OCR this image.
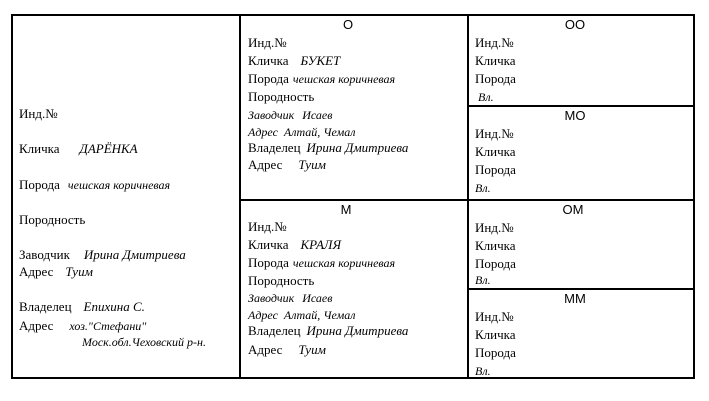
Инд.№
Кличка ДАРЁНКА
Порода чешская коричневая
Породность
Заводчик Ирина Дмитриева
Адрес Туим
Владелец Епихина С.
Адрес хоз."Стефани"
Моск.обл.Чеховский р-н.
О
Инд.№
Кличка БУКЕТ
Порода чешская коричневая
Породность
Заводчик Исаев
Адрес Алтай, Чемал
Владелец Ирина Дмитриева
Адрес Туим
М
Инд.№
Кличка КРАЛЯ
Порода чешская коричневая
Породность
Заводчик Исаев
Адрес Алтай, Чемал
Владелец Ирина Дмитриева
Адрес Туим
ОО
Инд.№
Кличка
Порода
Вл.
МО
Инд.№
Кличка
Порода
Вл.
ОМ
Инд.№
Кличка
Порода
Вл.
ММ
Инд.№
Кличка
Порода
Вл.
